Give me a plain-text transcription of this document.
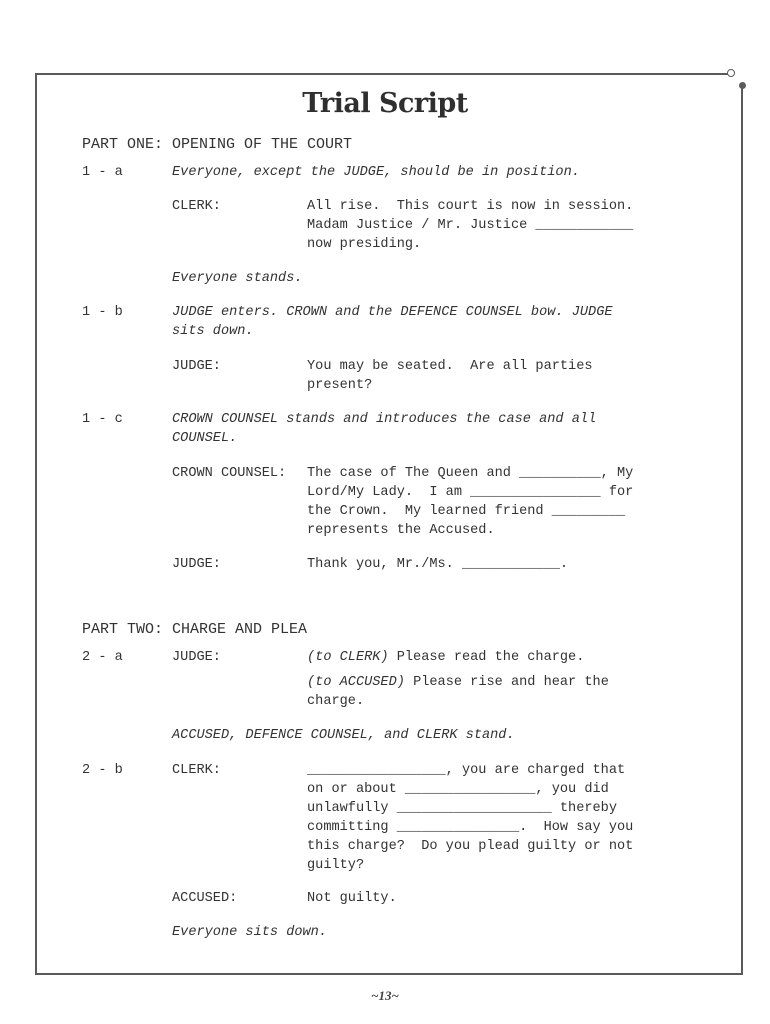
Trial Script

PART ONE: OPENING OF THE COURT

1 - a	Everyone, except the JUDGE, should be in position.

CLERK:	All rise.  This court is now in session.

Madam Justice / Mr. Justice ____________

now presiding.

Everyone stands.

1 - b	JUDGE enters. CROWN and the DEFENCE COUNSEL bow. JUDGE

sits down.

JUDGE:	You may be seated.  Are all parties

present?

1 - c	CROWN COUNSEL stands and introduces the case and all

COUNSEL.

CROWN COUNSEL: The case of The Queen and __________, My

Lord/My Lady.  I am ________________ for

the Crown.  My learned friend _________

represents the Accused.

JUDGE:	Thank you, Mr./Ms. ____________.

PART TWO: CHARGE AND PLEA

2 - a	JUDGE:	(to CLERK) Please read the charge.

(to ACCUSED) Please rise and hear the

charge.

ACCUSED, DEFENCE COUNSEL, and CLERK stand.

2 - b	CLERK:	_________________, you are charged that

on or about ________________, you did

unlawfully ___________________ thereby

committing _______________.  How say you

this charge?  Do you plead guilty or not

guilty?

ACCUSED:	Not guilty.

Everyone sits down.

~13~
